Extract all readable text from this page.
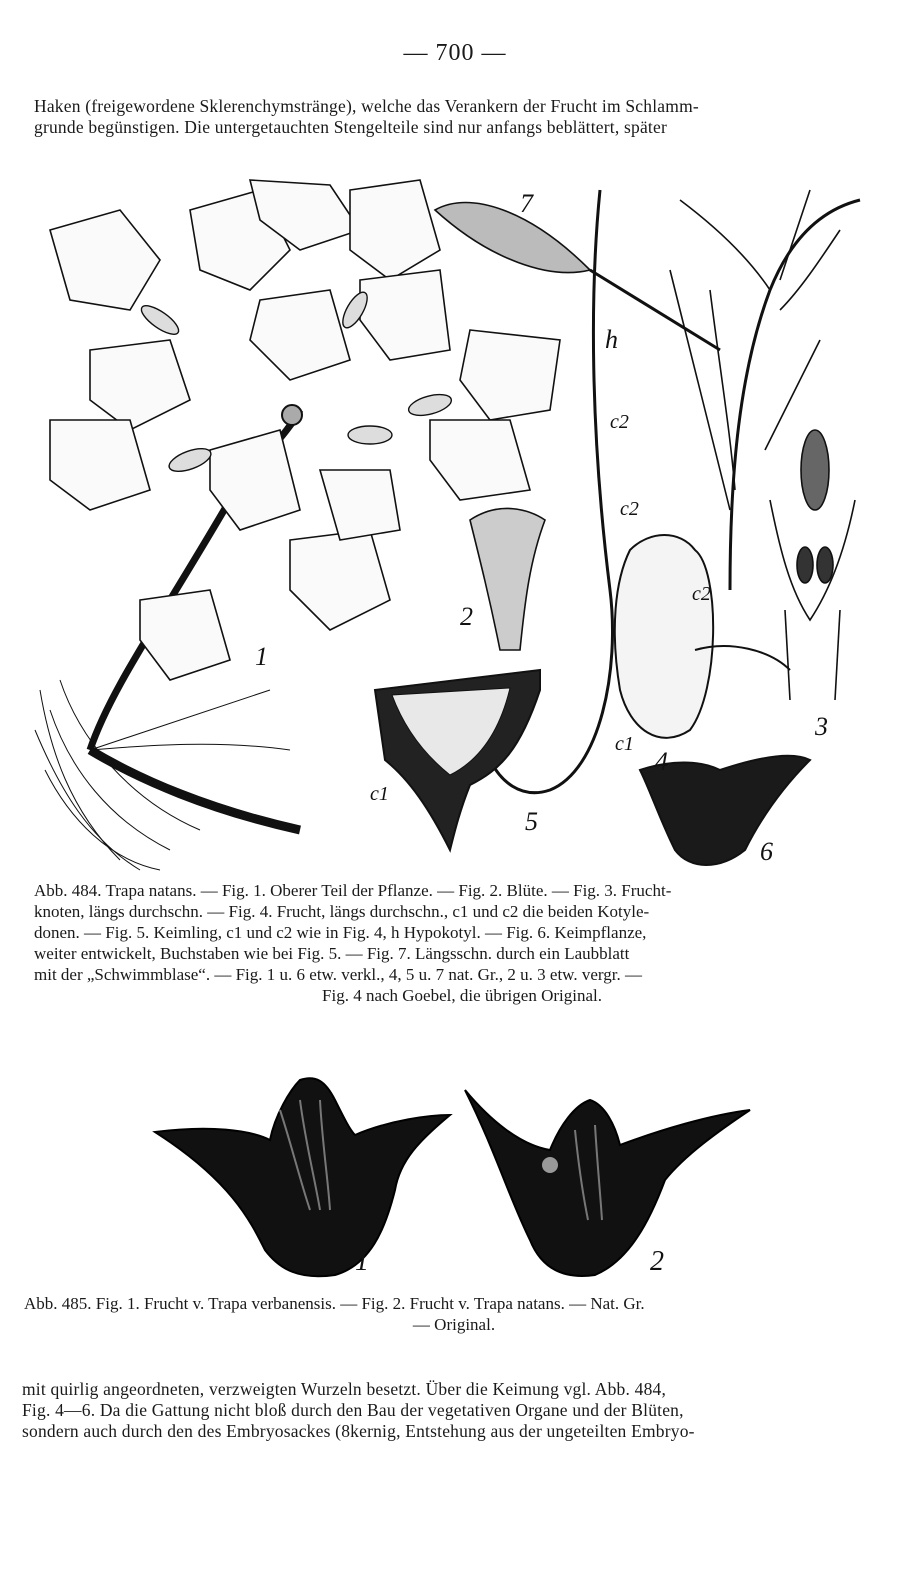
— 700 —
Haken (freigewordene Sklerenchymstränge), welche das Verankern der Frucht im Schlamm-
grunde begünstigen. Die untergetauchten Stengelteile sind nur anfangs beblättert, später
1
2
3
4
5
6
7
h
c2
c2
c2
c1
c1
Abb. 484. Trapa natans. — Fig. 1. Oberer Teil der Pflanze. — Fig. 2. Blüte. — Fig. 3. Frucht-
knoten, längs durchschn. — Fig. 4. Frucht, längs durchschn., c1 und c2 die beiden Kotyle-
donen. — Fig. 5. Keimling, c1 und c2 wie in Fig. 4, h Hypokotyl. — Fig. 6. Keimpflanze,
weiter entwickelt, Buchstaben wie bei Fig. 5. — Fig. 7. Längsschn. durch ein Laubblatt
mit der „Schwimmblase“. — Fig. 1 u. 6 etw. verkl., 4, 5 u. 7 nat. Gr., 2 u. 3 etw. vergr. —
Fig. 4 nach Goebel, die übrigen Original.
1	2
Abb. 485. Fig. 1. Frucht v. Trapa verbanensis. — Fig. 2. Frucht v. Trapa natans. — Nat. Gr.
— Original.
mit quirlig angeordneten, verzweigten Wurzeln besetzt. Über die Keimung vgl. Abb. 484,
Fig. 4—6. Da die Gattung nicht bloß durch den Bau der vegetativen Organe und der Blüten,
sondern auch durch den des Embryosackes (8kernig, Entstehung aus der ungeteilten Embryo-
